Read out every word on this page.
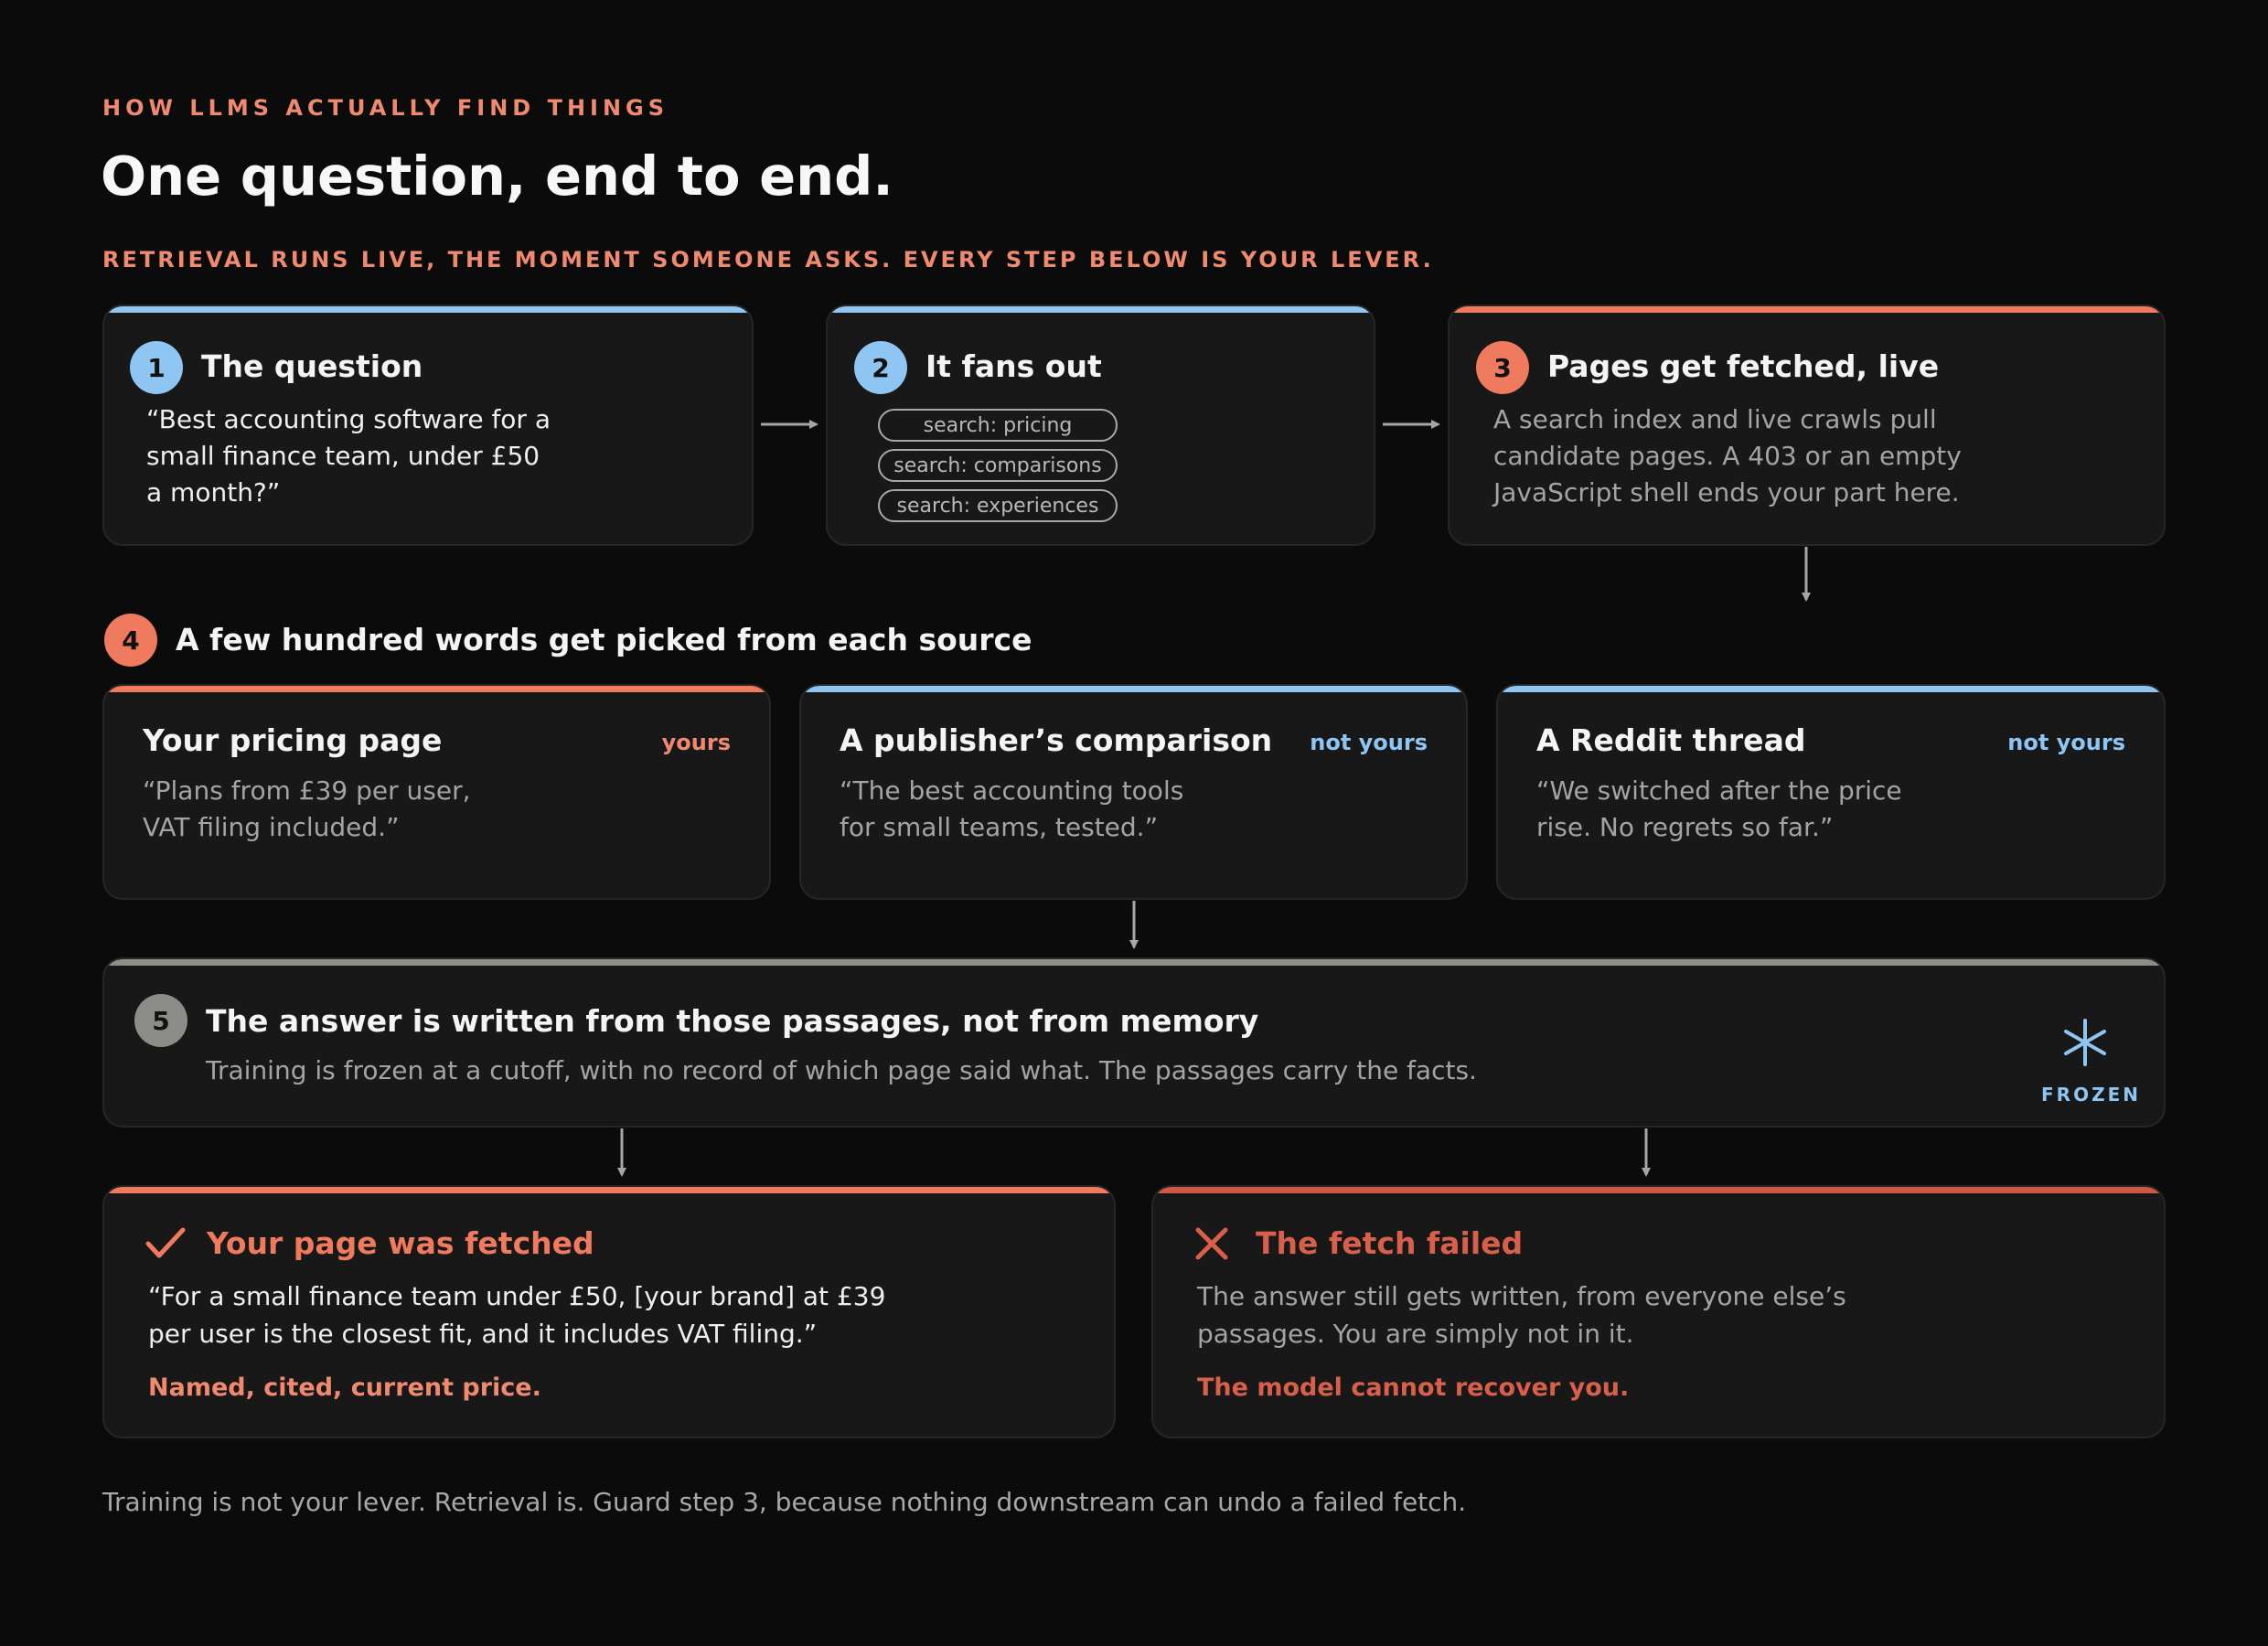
HOW LLMS ACTUALLY FIND THINGS
One question, end to end.
RETRIEVAL RUNS LIVE, THE MOMENT SOMEONE ASKS. EVERY STEP BELOW IS YOUR LEVER.
1	The question
“Best accounting software for a
small finance team, under £50
a month?”
2	It fans out
search: pricing
search: comparisons
search: experiences
3	Pages get fetched, live
A search index and live crawls pull
candidate pages. A 403 or an empty
JavaScript shell ends your part here.
4	A few hundred words get picked from each source
Your pricing page	yours
“Plans from £39 per user,
VAT filing included.”
A publisher’s comparison not yours
“The best accounting tools
for small teams, tested.”
A Reddit thread	not yours
“We switched after the price
rise. No regrets so far.”
5	The answer is written from those passages, not from memory
Training is frozen at a cutoff, with no record of which page said what. The passages carry the facts.
FROZEN
Your page was fetched
“For a small finance team under £50, [your brand] at £39
per user is the closest fit, and it includes VAT filing.”
Named, cited, current price.
The fetch failed
The answer still gets written, from everyone else’s
passages. You are simply not in it.
The model cannot recover you.
Training is not your lever. Retrieval is. Guard step 3, because nothing downstream can undo a failed fetch.
